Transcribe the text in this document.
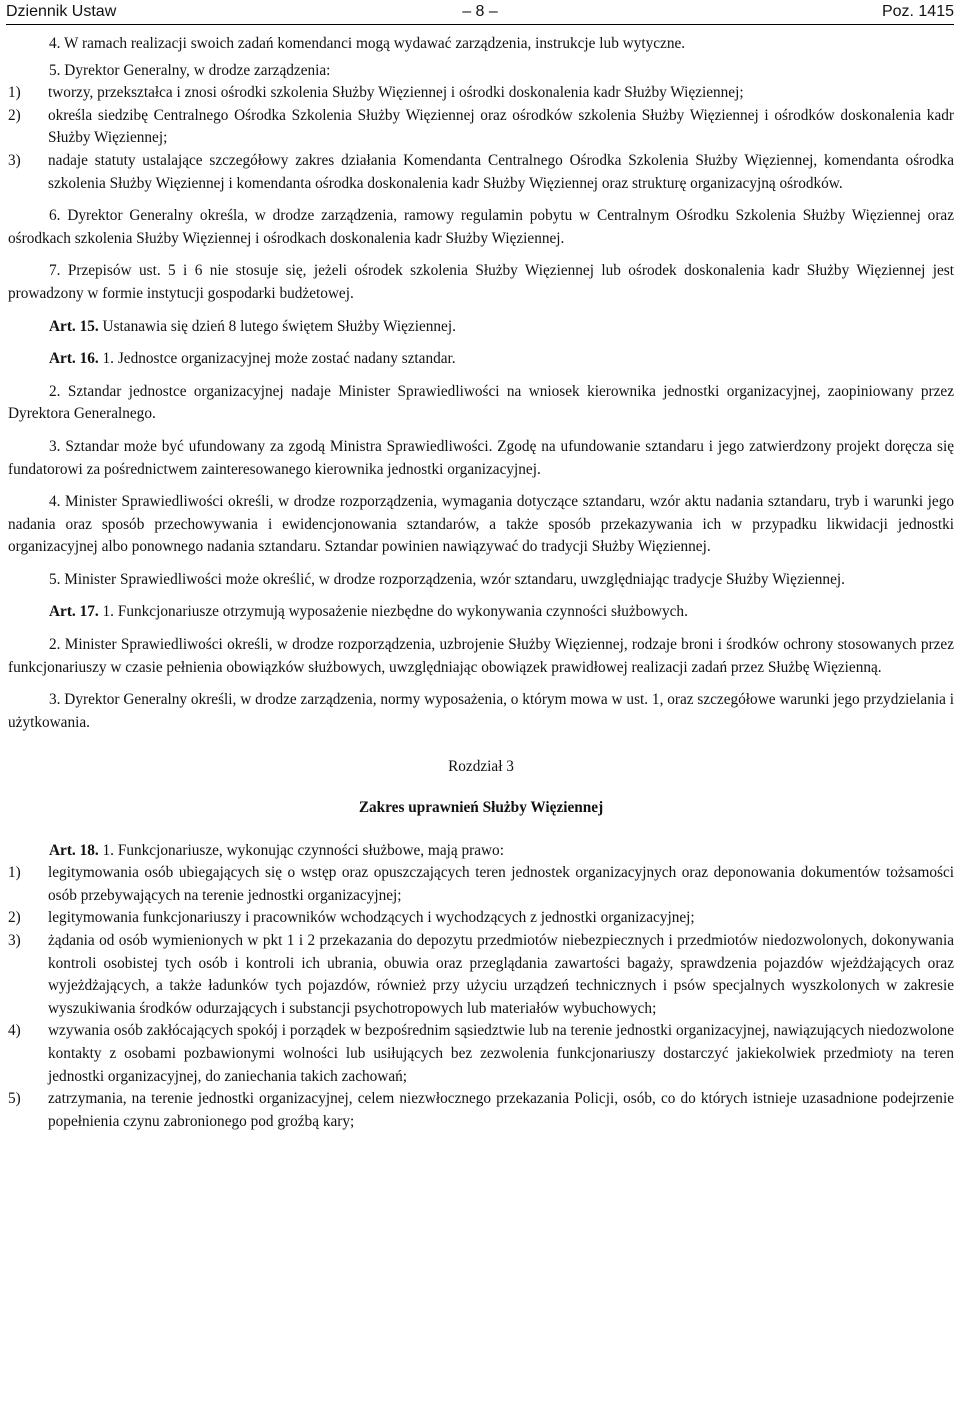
Dziennik Ustaw	– 8 –	Poz. 1415

4. W ramach realizacji swoich zadań komendanci mogą wydawać zarządzenia, instrukcje lub wytyczne.

5. Dyrektor Generalny, w drodze zarządzenia:

1)	tworzy, przekształca i znosi ośrodki szkolenia Służby Więziennej i ośrodki doskonalenia kadr Służby Więziennej;
2)	określa siedzibę Centralnego Ośrodka Szkolenia Służby Więziennej oraz ośrodków szkolenia Służby Więziennej i ośrodków doskonalenia kadr Służby Więziennej;
3)	nadaje statuty ustalające szczegółowy zakres działania Komendanta Centralnego Ośrodka Szkolenia Służby Więziennej, komendanta ośrodka szkolenia Służby Więziennej i komendanta ośrodka doskonalenia kadr Służby Więziennej oraz strukturę organizacyjną ośrodków.

6. Dyrektor Generalny określa, w drodze zarządzenia, ramowy regulamin pobytu w Centralnym Ośrodku Szkolenia Służby Więziennej oraz ośrodkach szkolenia Służby Więziennej i ośrodkach doskonalenia kadr Służby Więziennej.

7. Przepisów ust. 5 i 6 nie stosuje się, jeżeli ośrodek szkolenia Służby Więziennej lub ośrodek doskonalenia kadr Służby Więziennej jest prowadzony w formie instytucji gospodarki budżetowej.

Art. 15. Ustanawia się dzień 8 lutego świętem Służby Więziennej.

Art. 16. 1. Jednostce organizacyjnej może zostać nadany sztandar.

2. Sztandar jednostce organizacyjnej nadaje Minister Sprawiedliwości na wniosek kierownika jednostki organizacyjnej, zaopiniowany przez Dyrektora Generalnego.

3. Sztandar może być ufundowany za zgodą Ministra Sprawiedliwości. Zgodę na ufundowanie sztandaru i jego zatwierdzony projekt doręcza się fundatorowi za pośrednictwem zainteresowanego kierownika jednostki organizacyjnej.

4. Minister Sprawiedliwości określi, w drodze rozporządzenia, wymagania dotyczące sztandaru, wzór aktu nadania sztandaru, tryb i warunki jego nadania oraz sposób przechowywania i ewidencjonowania sztandarów, a także sposób przekazywania ich w przypadku likwidacji jednostki organizacyjnej albo ponownego nadania sztandaru. Sztandar powinien nawiązywać do tradycji Służby Więziennej.

5. Minister Sprawiedliwości może określić, w drodze rozporządzenia, wzór sztandaru, uwzględniając tradycje Służby Więziennej.

Art. 17. 1. Funkcjonariusze otrzymują wyposażenie niezbędne do wykonywania czynności służbowych.

2. Minister Sprawiedliwości określi, w drodze rozporządzenia, uzbrojenie Służby Więziennej, rodzaje broni i środków ochrony stosowanych przez funkcjonariuszy w czasie pełnienia obowiązków służbowych, uwzględniając obowiązek prawidłowej realizacji zadań przez Służbę Więzienną.

3. Dyrektor Generalny określi, w drodze zarządzenia, normy wyposażenia, o którym mowa w ust. 1, oraz szczegółowe warunki jego przydzielania i użytkowania.

Rozdział 3

Zakres uprawnień Służby Więziennej

Art. 18. 1. Funkcjonariusze, wykonując czynności służbowe, mają prawo:

1)	legitymowania osób ubiegających się o wstęp oraz opuszczających teren jednostek organizacyjnych oraz deponowania dokumentów tożsamości osób przebywających na terenie jednostki organizacyjnej;
2)	legitymowania funkcjonariuszy i pracowników wchodzących i wychodzących z jednostki organizacyjnej;
3)	żądania od osób wymienionych w pkt 1 i 2 przekazania do depozytu przedmiotów niebezpiecznych i przedmiotów niedozwolonych, dokonywania kontroli osobistej tych osób i kontroli ich ubrania, obuwia oraz przeglądania zawartości bagaży, sprawdzenia pojazdów wjeżdżających oraz wyjeżdżających, a także ładunków tych pojazdów, również przy użyciu urządzeń technicznych i psów specjalnych wyszkolonych w zakresie wyszukiwania środków odurzających i substancji psychotropowych lub materiałów wybuchowych;
4)	wzywania osób zakłócających spokój i porządek w bezpośrednim sąsiedztwie lub na terenie jednostki organizacyjnej, nawiązujących niedozwolone kontakty z osobami pozbawionymi wolności lub usiłujących bez zezwolenia funkcjonariuszy dostarczyć jakiekolwiek przedmioty na teren jednostki organizacyjnej, do zaniechania takich zachowań;
5)	zatrzymania, na terenie jednostki organizacyjnej, celem niezwłocznego przekazania Policji, osób, co do których istnieje uzasadnione podejrzenie popełnienia czynu zabronionego pod groźbą kary;
